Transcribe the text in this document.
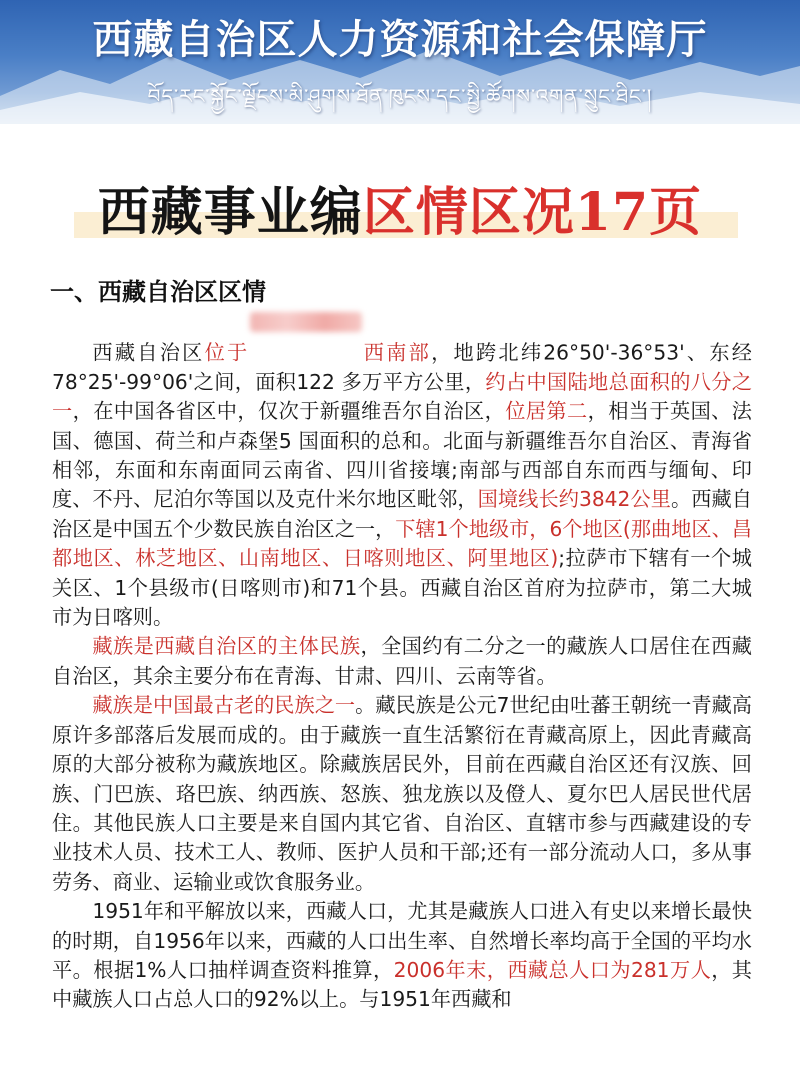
西藏自治区人力资源和社会保障厅
བོད་རང་སྐྱོང་ལྗོངས་མི་ཤུགས་ཐོན་ཁུངས་དང་སྤྱི་ཚོགས་འགན་སྲུང་ཐིང་།
西藏事业编区情区况17页
一、西藏自治区区情

西藏自治区位于	西南部，地跨北纬26°50'-36°53'、东经78°25'-99°06'之间，面积122 多万平方公里，约占中国陆地总面积的八分之一，在中国各省区中，仅次于新疆维吾尔自治区，位居第二，相当于英国、法国、德国、荷兰和卢森堡5 国面积的总和。北面与新疆维吾尔自治区、青海省相邻，东面和东南面同云南省、四川省接壤;南部与西部自东而西与缅甸、印度、不丹、尼泊尔等国以及克什米尔地区毗邻，国境线长约3842公里。西藏自治区是中国五个少数民族自治区之一，下辖1个地级市，6个地区(那曲地区、昌都地区、林芝地区、山南地区、日喀则地区、阿里地区);拉萨市下辖有一个城关区、1个县级市(日喀则市)和71个县。西藏自治区首府为拉萨市，第二大城市为日喀则。

藏族是西藏自治区的主体民族，全国约有二分之一的藏族人口居住在西藏自治区，其余主要分布在青海、甘肃、四川、云南等省。

藏族是中国最古老的民族之一。藏民族是公元7世纪由吐蕃王朝统一青藏高原许多部落后发展而成的。由于藏族一直生活繁衍在青藏高原上，因此青藏高原的大部分被称为藏族地区。除藏族居民外，目前在西藏自治区还有汉族、回族、门巴族、珞巴族、纳西族、怒族、独龙族以及僜人、夏尔巴人居民世代居住。其他民族人口主要是来自国内其它省、自治区、直辖市参与西藏建设的专业技术人员、技术工人、教师、医护人员和干部;还有一部分流动人口，多从事劳务、商业、运输业或饮食服务业。

1951年和平解放以来，西藏人口，尤其是藏族人口进入有史以来增长最快的时期，自1956年以来，西藏的人口出生率、自然增长率均高于全国的平均水平。根据1%人口抽样调查资料推算，2006年末，西藏总人口为281万人，其中藏族人口占总人口的92%以上。与1951年西藏和
